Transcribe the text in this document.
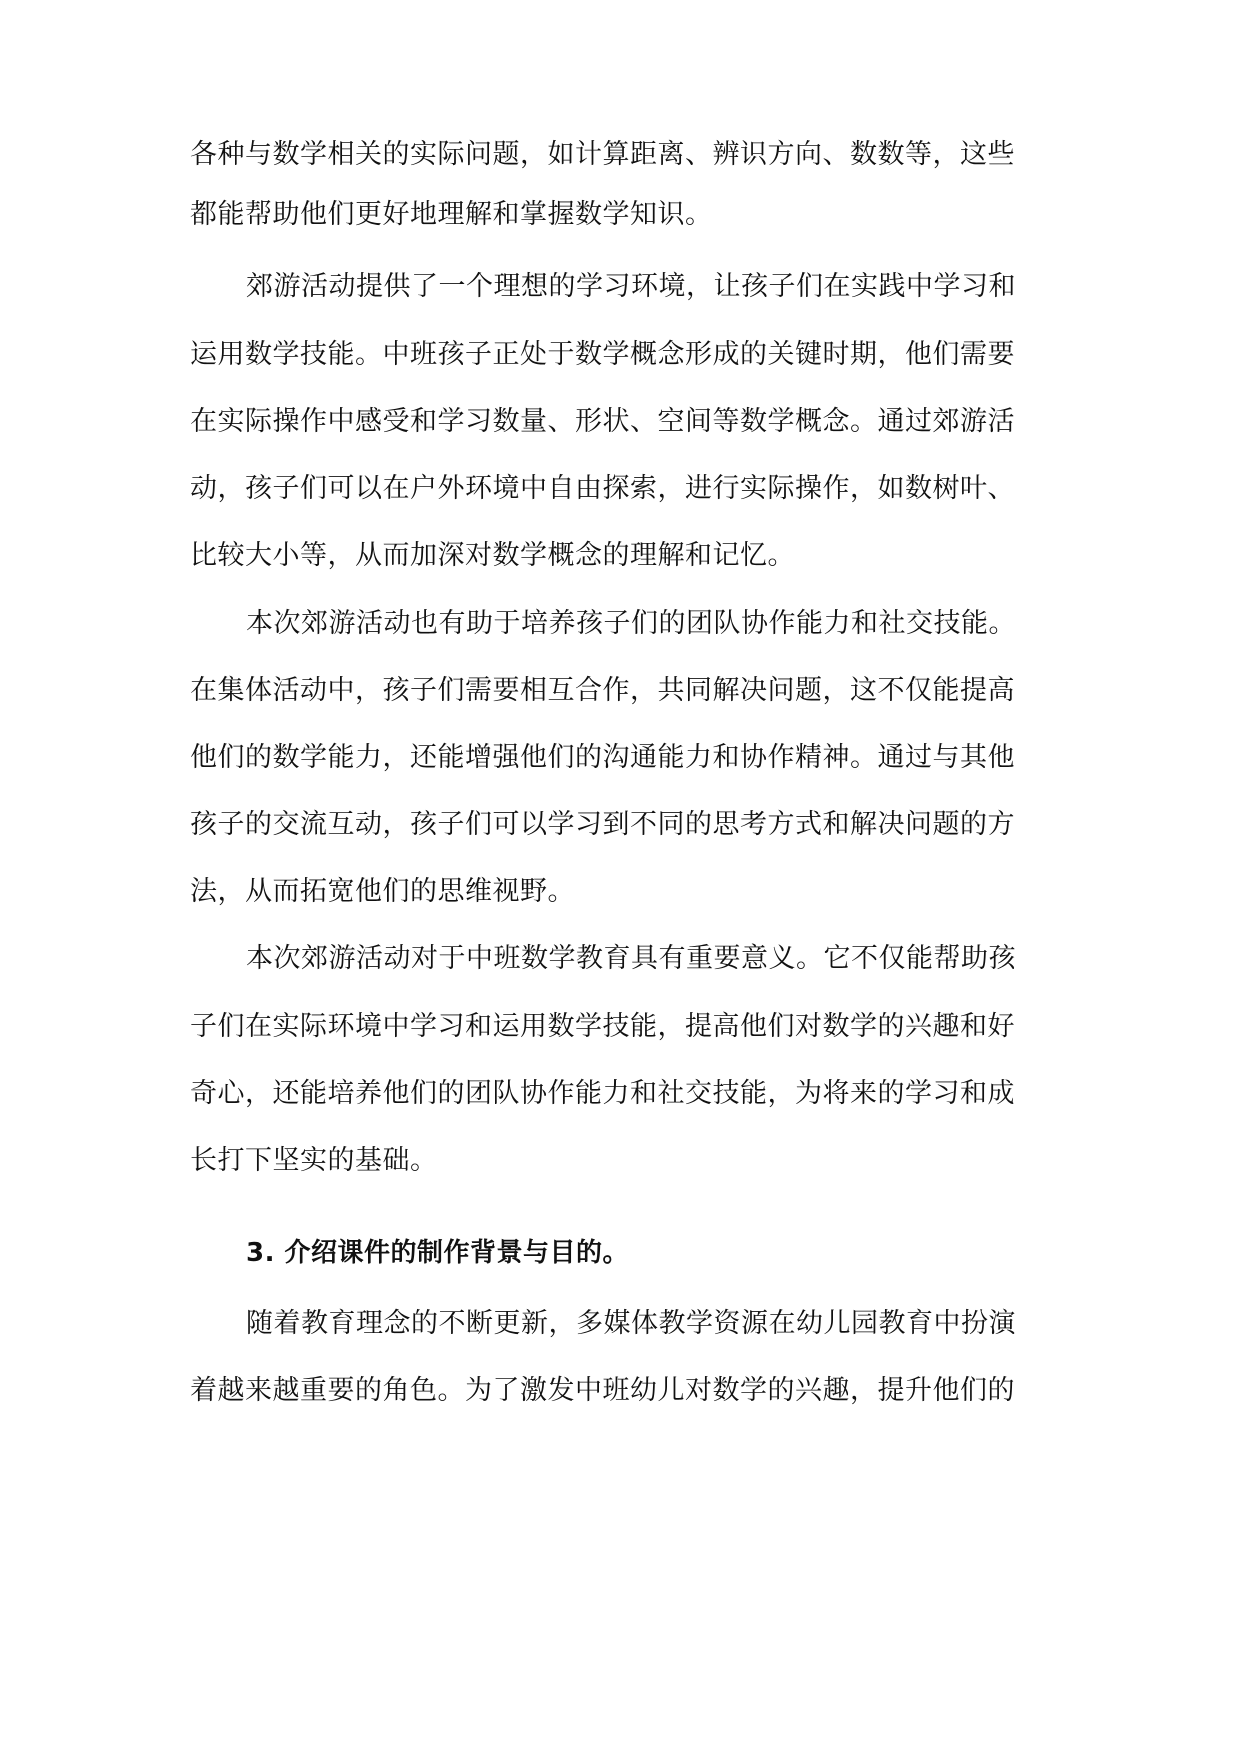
各种与数学相关的实际问题，如计算距离、辨识方向、数数等，这些
都能帮助他们更好地理解和掌握数学知识。
郊游活动提供了一个理想的学习环境，让孩子们在实践中学习和
运用数学技能。中班孩子正处于数学概念形成的关键时期，他们需要
在实际操作中感受和学习数量、形状、空间等数学概念。通过郊游活
动，孩子们可以在户外环境中自由探索，进行实际操作，如数树叶、
比较大小等，从而加深对数学概念的理解和记忆。
本次郊游活动也有助于培养孩子们的团队协作能力和社交技能。
在集体活动中，孩子们需要相互合作，共同解决问题，这不仅能提高
他们的数学能力，还能增强他们的沟通能力和协作精神。通过与其他
孩子的交流互动，孩子们可以学习到不同的思考方式和解决问题的方
法，从而拓宽他们的思维视野。
本次郊游活动对于中班数学教育具有重要意义。它不仅能帮助孩
子们在实际环境中学习和运用数学技能，提高他们对数学的兴趣和好
奇心，还能培养他们的团队协作能力和社交技能，为将来的学习和成
长打下坚实的基础。
3. 介绍课件的制作背景与目的。
随着教育理念的不断更新，多媒体教学资源在幼儿园教育中扮演
着越来越重要的角色。为了激发中班幼儿对数学的兴趣，提升他们的
